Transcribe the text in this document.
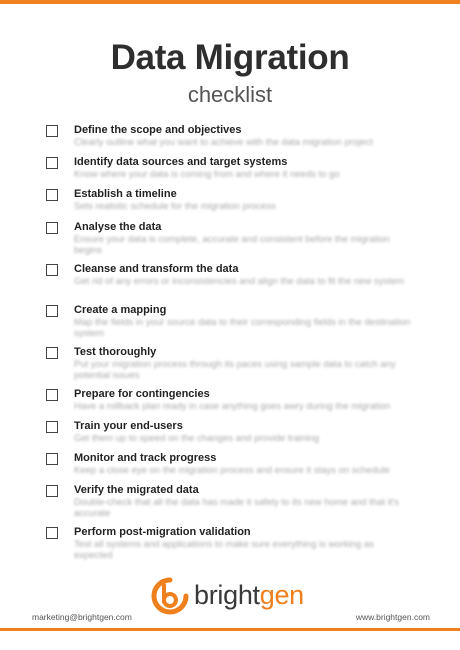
Data Migration
checklist
Define the scope and objectives
Clearly outline what you want to achieve with the data migration project
Identify data sources and target systems
Know where your data is coming from and where it needs to go
Establish a timeline
Sets realistic schedule for the migration process
Analyse the data
Ensure your data is complete, accurate and consistent before the migration begins
Cleanse and transform the data
Get rid of any errors or inconsistencies and align the data to fit the new system
Create a mapping
Map the fields in your source data to their corresponding fields in the destination system
Test thoroughly
Put your migration process through its paces using sample data to catch any potential issues
Prepare for contingencies
Have a rollback plan ready in case anything goes awry during the migration
Train your end-users
Get them up to speed on the changes and provide training
Monitor and track progress
Keep a close eye on the migration process and ensure it stays on schedule
Verify the migrated data
Double-check that all the data has made it safely to its new home and that it's accurate
Perform post-migration validation
Test all systems and applications to make sure everything is working as expected
brightgen
marketing@brightgen.com	www.brightgen.com
